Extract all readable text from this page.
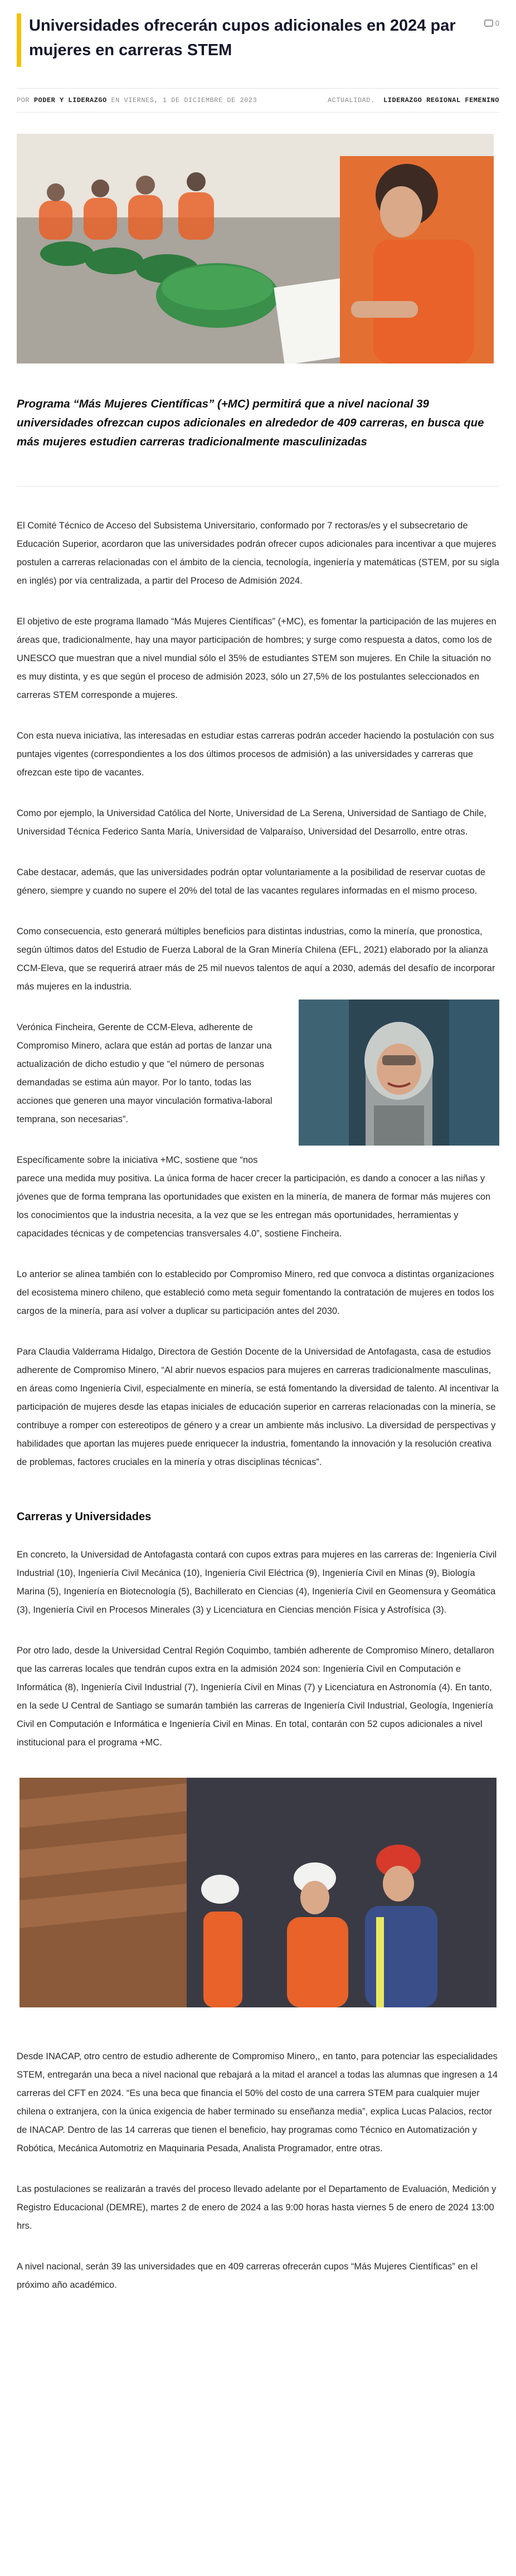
Universidades ofrecerán cupos adicionales en 2024 par mujeres en carreras STEM
0
POR
PODER Y LIDERAZGO
EN VIERNES, 1 DE DICIEMBRE DE 2023	ACTUALIDAD. LIDERAZGO REGIONAL FEMENINO

Programa “Más Mujeres Científicas” (+MC) permitirá que a nivel nacional 39 universidades ofrezcan cupos adicionales en alrededor de 409 carreras, en busca que más mujeres estudien carreras tradicionalmente masculinizadas

El Comité Técnico de Acceso del Subsistema Universitario, conformado por 7 rectoras/es y el subsecretario de Educación Superior, acordaron que las universidades podrán ofrecer cupos adicionales para incentivar a que mujeres postulen a carreras relacionadas con el ámbito de la ciencia, tecnología, ingeniería y matemáticas (STEM, por su sigla en inglés) por vía centralizada, a partir del Proceso de Admisión 2024.

El objetivo de este programa llamado “Más Mujeres Científicas” (+MC), es fomentar la participación de las mujeres en áreas que, tradicionalmente, hay una mayor participación de hombres; y surge como respuesta a datos, como los de UNESCO que muestran que a nivel mundial sólo el 35% de estudiantes STEM son mujeres. En Chile la situación no es muy distinta, y es que según el proceso de admisión 2023, sólo un 27,5% de los postulantes seleccionados en carreras STEM corresponde a mujeres.

Con esta nueva iniciativa, las interesadas en estudiar estas carreras podrán acceder haciendo la postulación con sus puntajes vigentes (correspondientes a los dos últimos procesos de admisión) a las universidades y carreras que ofrezcan este tipo de vacantes.

Como por ejemplo, la Universidad Católica del Norte, Universidad de La Serena, Universidad de Santiago de Chile, Universidad Técnica Federico Santa María, Universidad de Valparaíso, Universidad del Desarrollo, entre otras.

Cabe destacar, además, que las universidades podrán optar voluntariamente a la posibilidad de reservar cuotas de género, siempre y cuando no supere el 20% del total de las vacantes regulares informadas en el mismo proceso.

Como consecuencia, esto generará múltiples beneficios para distintas industrias, como la minería, que pronostica, según últimos datos del Estudio de Fuerza Laboral de la Gran Minería Chilena (EFL, 2021) elaborado por la alianza CCM-Eleva, que se requerirá atraer más de 25 mil nuevos talentos de aquí a 2030, además del desafío de incorporar más mujeres en la industria.

Verónica Fincheira, Gerente de CCM-Eleva, adherente de Compromiso Minero, aclara que están ad portas de lanzar una actualización de dicho estudio y que “el número de personas demandadas se estima aún mayor. Por lo tanto, todas las acciones que generen una mayor vinculación formativa-laboral temprana, son necesarias”.

Específicamente sobre la iniciativa +MC, sostiene que “nos parece una medida muy positiva. La única forma de hacer crecer la participación, es dando a conocer a las niñas y jóvenes que de forma temprana las oportunidades que existen en la minería, de manera de formar más mujeres con los conocimientos que la industria necesita, a la vez que se les entregan más oportunidades, herramientas y capacidades técnicas y de competencias transversales 4.0”, sostiene Fincheira.

Lo anterior se alinea también con lo establecido por Compromiso Minero, red que convoca a distintas organizaciones del ecosistema minero chileno, que estableció como meta seguir fomentando la contratación de mujeres en todos los cargos de la minería, para así volver a duplicar su participación antes del 2030.

Para Claudia Valderrama Hidalgo, Directora de Gestión Docente de la Universidad de Antofagasta, casa de estudios adherente de Compromiso Minero, “Al abrir nuevos espacios para mujeres en carreras tradicionalmente masculinas, en áreas como Ingeniería Civil, especialmente en minería, se está fomentando la diversidad de talento. Al incentivar la participación de mujeres desde las etapas iniciales de educación superior en carreras relacionadas con la minería, se contribuye a romper con estereotipos de género y a crear un ambiente más inclusivo. La diversidad de perspectivas y habilidades que aportan las mujeres puede enriquecer la industria, fomentando la innovación y la resolución creativa de problemas, factores cruciales en la minería y otras disciplinas técnicas”.

Carreras y Universidades

En concreto, la Universidad de Antofagasta contará con cupos extras para mujeres en las carreras de: Ingeniería Civil Industrial (10), Ingeniería Civil Mecánica (10), Ingeniería Civil Eléctrica (9), Ingeniería Civil en Minas (9), Biología Marina (5), Ingeniería en Biotecnología (5), Bachillerato en Ciencias (4), Ingeniería Civil en Geomensura y Geomática (3), Ingeniería Civil en Procesos Minerales (3) y Licenciatura en Ciencias mención Física y Astrofísica (3).

Por otro lado, desde la Universidad Central Región Coquimbo, también adherente de Compromiso Minero, detallaron que las carreras locales que tendrán cupos extra en la admisión 2024 son: Ingeniería Civil en Computación e Informática (8), Ingeniería Civil Industrial (7), Ingeniería Civil en Minas (7) y Licenciatura en Astronomía (4). En tanto, en la sede U Central de Santiago se sumarán también las carreras de Ingeniería Civil Industrial, Geología, Ingeniería Civil en Computación e Informática e Ingeniería Civil en Minas. En total, contarán con 52 cupos adicionales a nivel institucional para el programa +MC.

Desde INACAP, otro centro de estudio adherente de Compromiso Minero,, en tanto, para potenciar las especialidades STEM, entregarán una beca a nivel nacional que rebajará a la mitad el arancel a todas las alumnas que ingresen a 14 carreras del CFT en 2024. “Es una beca que financia el 50% del costo de una carrera STEM para cualquier mujer chilena o extranjera, con la única exigencia de haber terminado su enseñanza media”, explica Lucas Palacios, rector de INACAP. Dentro de las 14 carreras que tienen el beneficio, hay programas como Técnico en Automatización y Robótica, Mecánica Automotriz en Maquinaria Pesada, Analista Programador, entre otras.

Las postulaciones se realizarán a través del proceso llevado adelante por el Departamento de Evaluación, Medición y Registro Educacional (DEMRE), martes 2 de enero de 2024 a las 9:00 horas hasta viernes 5 de enero de 2024 13:00 hrs.

A nivel nacional, serán 39 las universidades que en 409 carreras ofrecerán cupos “Más Mujeres Científicas” en el próximo año académico.
